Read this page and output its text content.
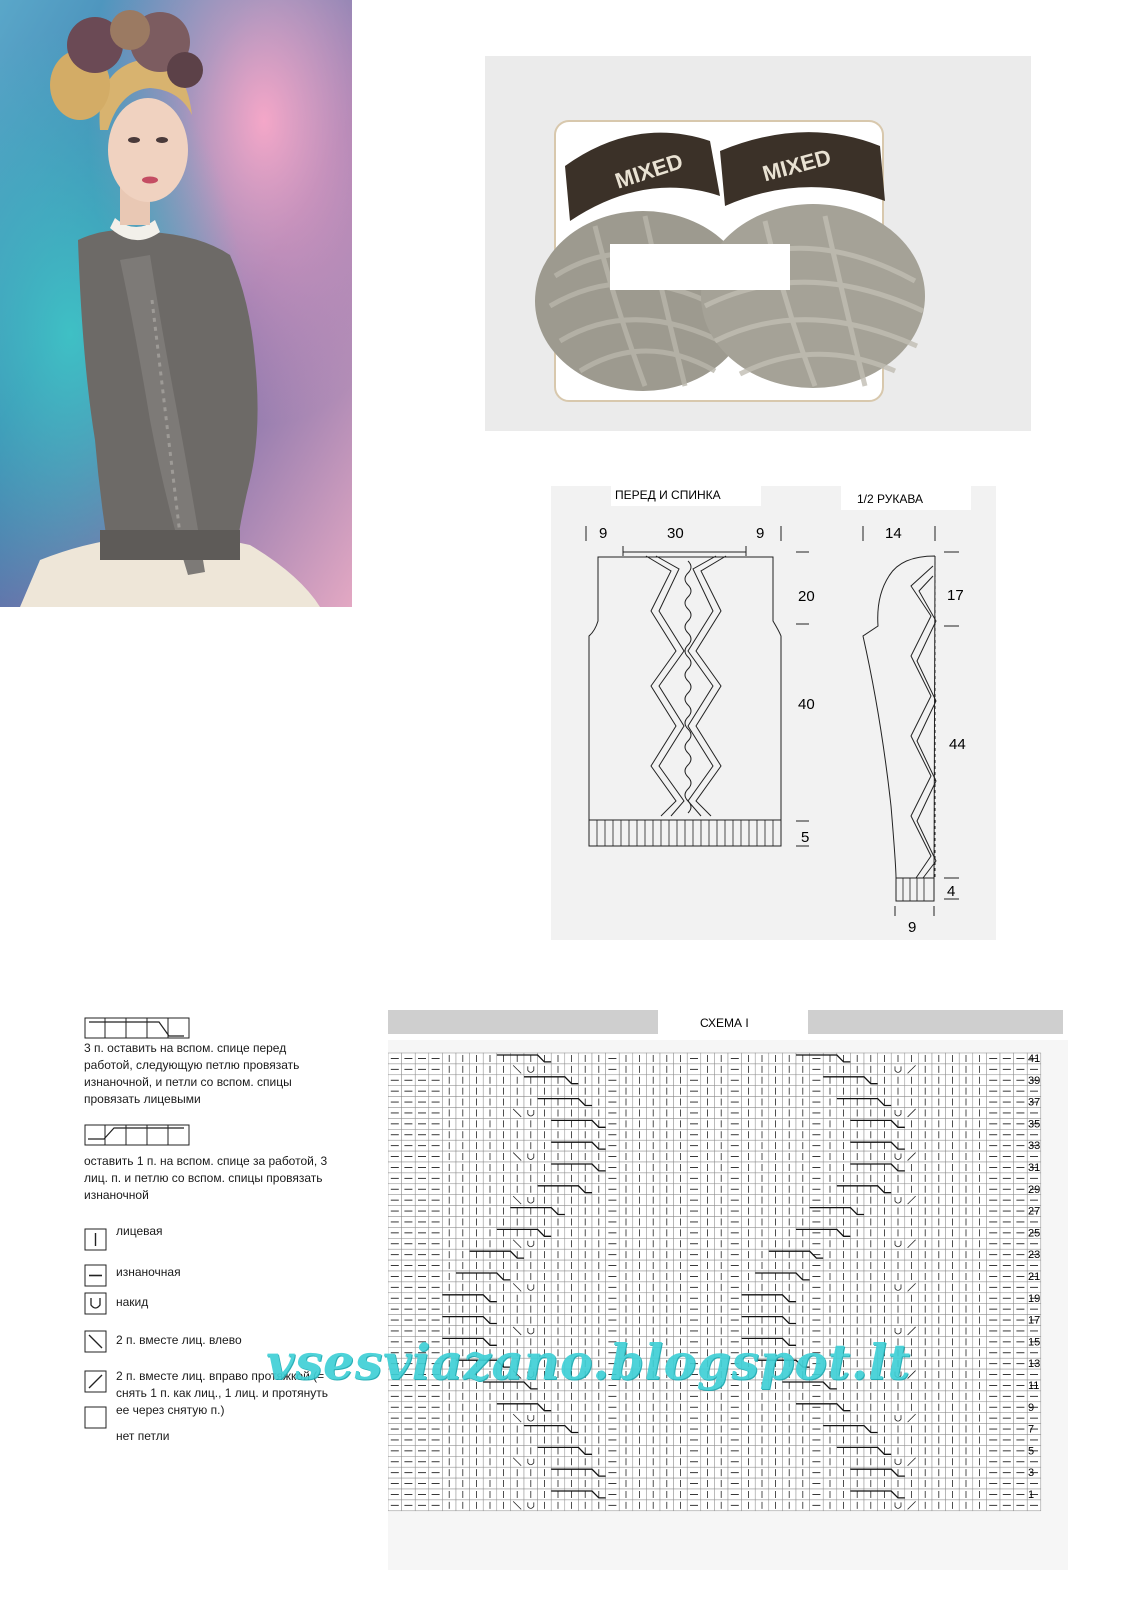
MIXED	MIXED
ПЕРЕД И СПИНКА	1/2 РУКАВА
9	30	9
20
40
5
14
17
44
4
9
3 п. оставить на вспом. спице перед
работой, следующую петлю провязать
изнаночной, и петли со вспом. спицы
провязать лицевыми
оставить 1 п. на вспом. спице за работой, 3
лиц. п. и петлю со вспом. спицы провязать
изнаночной
лицевая
изнаночная
накид
2 п. вместе лиц. влево
2 п. вместе лиц. вправо протяжкой (=
снять 1 п. как лиц., 1 лиц. и протянуть
ее через снятую п.)
нет петли
СХЕМА I
41
39
37
35
33
31
29
27
25
23
21
19
17
15
13
11
9
7
5
3
1
vsesviazano.blogspot.lt
